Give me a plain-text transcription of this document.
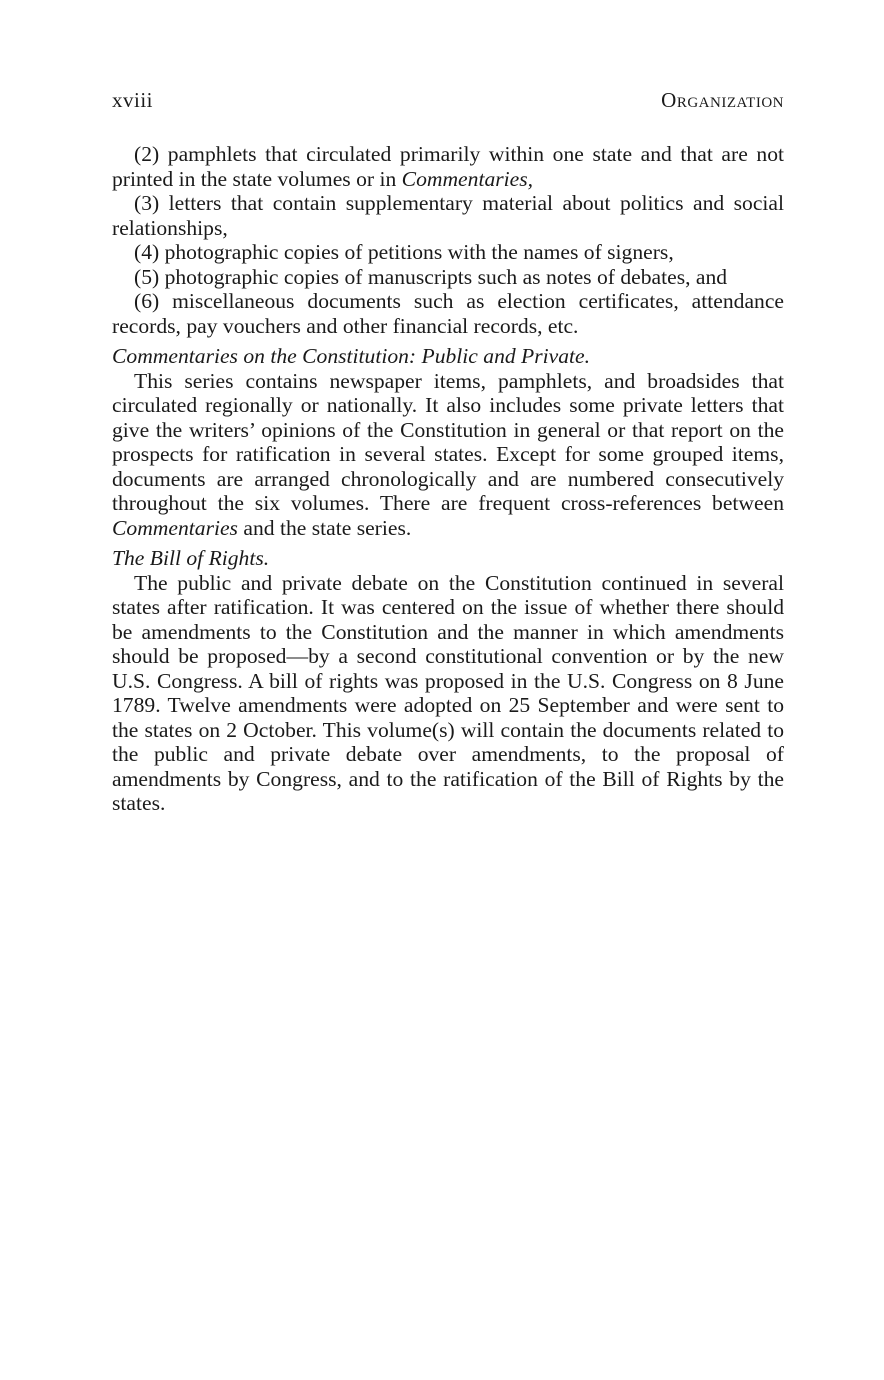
xviii	Organization

(2) pamphlets that circulated primarily within one state and that are not printed in the state volumes or in Commentaries,

(3) letters that contain supplementary material about politics and social relationships,

(4) photographic copies of petitions with the names of signers,

(5) photographic copies of manuscripts such as notes of debates, and

(6) miscellaneous documents such as election certificates, attendance records, pay vouchers and other financial records, etc.

Commentaries on the Constitution: Public and Private.

This series contains newspaper items, pamphlets, and broadsides that circulated regionally or nationally. It also includes some private letters that give the writers’ opinions of the Constitution in general or that report on the prospects for ratification in several states. Except for some grouped items, documents are arranged chronologically and are numbered consecutively throughout the six volumes. There are frequent cross-references between Commentaries and the state series.

The Bill of Rights.

The public and private debate on the Constitution continued in several states after ratification. It was centered on the issue of whether there should be amendments to the Constitution and the manner in which amendments should be proposed—by a second constitutional convention or by the new U.S. Congress. A bill of rights was proposed in the U.S. Congress on 8 June 1789. Twelve amendments were adopted on 25 September and were sent to the states on 2 October. This volume(s) will contain the documents related to the public and private debate over amendments, to the proposal of amendments by Congress, and to the ratification of the Bill of Rights by the states.
